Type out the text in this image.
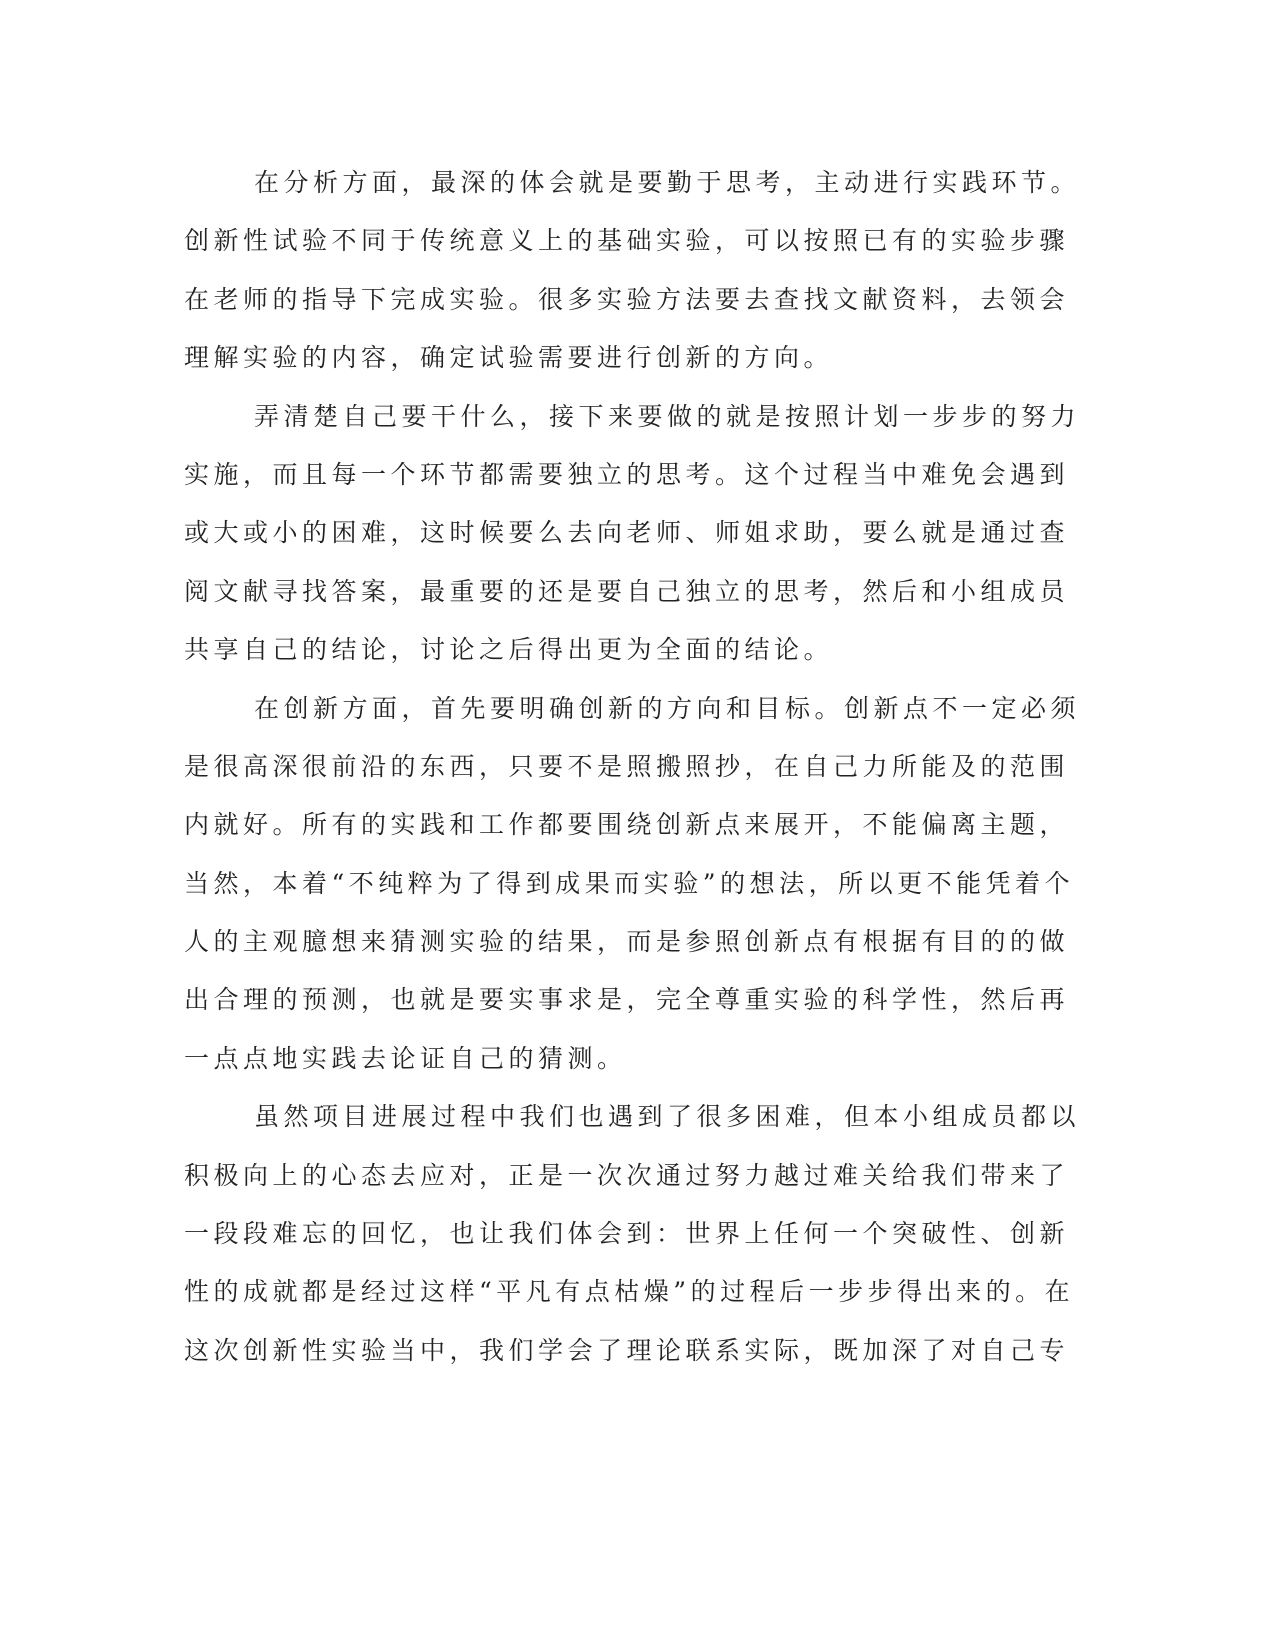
在分析方面，最深的体会就是要勤于思考，主动进行实践环节。
创新性试验不同于传统意义上的基础实验，可以按照已有的实验步骤
在老师的指导下完成实验。很多实验方法要去查找文献资料，去领会
理解实验的内容，确定试验需要进行创新的方向。
弄清楚自己要干什么，接下来要做的就是按照计划一步步的努力
实施，而且每一个环节都需要独立的思考。这个过程当中难免会遇到
或大或小的困难，这时候要么去向老师、师姐求助，要么就是通过查
阅文献寻找答案，最重要的还是要自己独立的思考，然后和小组成员
共享自己的结论，讨论之后得出更为全面的结论。
在创新方面，首先要明确创新的方向和目标。创新点不一定必须
是很高深很前沿的东西，只要不是照搬照抄，在自己力所能及的范围
内就好。所有的实践和工作都要围绕创新点来展开，不能偏离主题，
当然，本着“不纯粹为了得到成果而实验”的想法，所以更不能凭着个
人的主观臆想来猜测实验的结果，而是参照创新点有根据有目的的做
出合理的预测，也就是要实事求是，完全尊重实验的科学性，然后再
一点点地实践去论证自己的猜测。
虽然项目进展过程中我们也遇到了很多困难，但本小组成员都以
积极向上的心态去应对，正是一次次通过努力越过难关给我们带来了
一段段难忘的回忆，也让我们体会到：世界上任何一个突破性、创新
性的成就都是经过这样“平凡有点枯燥”的过程后一步步得出来的。在
这次创新性实验当中，我们学会了理论联系实际，既加深了对自己专
